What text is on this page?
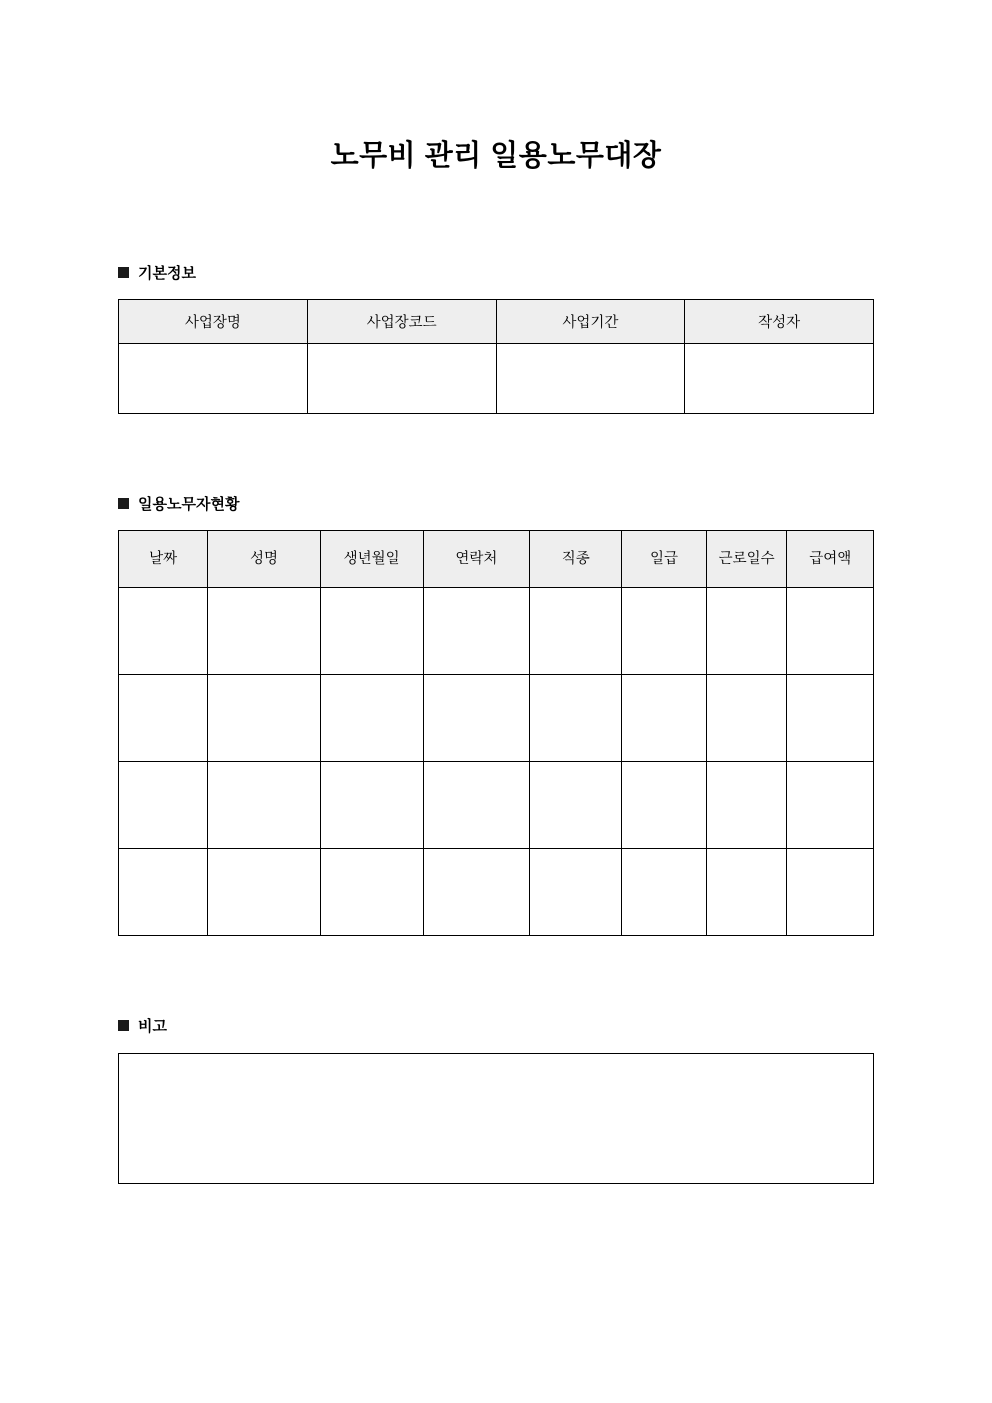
노무비 관리 일용노무대장
기본정보
사업장명	사업장코드	사업기간	작성자

일용노무자현황
날짜	성명	생년월일	연락처	직종	일급	근로일수	급여액

비고
